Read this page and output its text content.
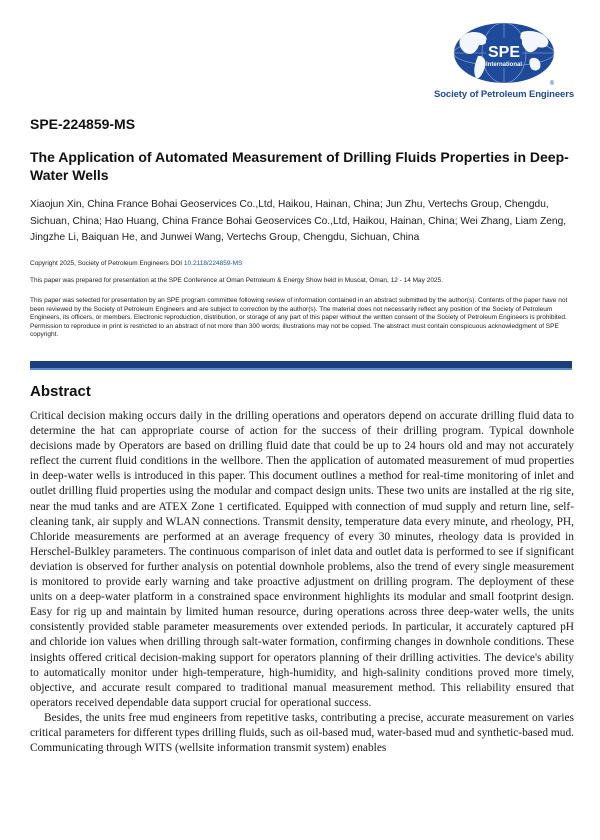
SPE
International
®
Society of Petroleum Engineers
SPE-224859-MS
The Application of Automated Measurement of Drilling Fluids Properties in Deep-Water Wells
Xiaojun Xin, China France Bohai Geoservices Co.,Ltd, Haikou, Hainan, China; Jun Zhu, Vertechs Group, Chengdu, Sichuan, China; Hao Huang, China France Bohai Geoservices Co.,Ltd, Haikou, Hainan, China; Wei Zhang, Liam Zeng, Jingzhe Li, Baiquan He, and Junwei Wang, Vertechs Group, Chengdu, Sichuan, China
Copyright 2025, Society of Petroleum Engineers DOI 10.2118/224859-MS
This paper was prepared for presentation at the SPE Conference at Oman Petroleum & Energy Show held in Muscat, Oman, 12 - 14 May 2025.
This paper was selected for presentation by an SPE program committee following review of information contained in an abstract submitted by the author(s). Contents of the paper have not been reviewed by the Society of Petroleum Engineers and are subject to correction by the author(s). The material does not necessarily reflect any position of the Society of Petroleum Engineers, its officers, or members. Electronic reproduction, distribution, or storage of any part of this paper without the written consent of the Society of Petroleum Engineers is prohibited. Permission to reproduce in print is restricted to an abstract of not more than 300 words; illustrations may not be copied. The abstract must contain conspicuous acknowledgment of SPE copyright.
Abstract

Critical decision making occurs daily in the drilling operations and operators depend on accurate drilling fluid data to determine the hat can appropriate course of action for the success of their drilling program. Typical downhole decisions made by Operators are based on drilling fluid date that could be up to 24 hours old and may not accurately reflect the current fluid conditions in the wellbore. Then the application of automated measurement of mud properties in deep-water wells is introduced in this paper. This document outlines a method for real-time monitoring of inlet and outlet drilling fluid properties using the modular and compact design units. These two units are installed at the rig site, near the mud tanks and are ATEX Zone 1 certificated. Equipped with connection of mud supply and return line, self-cleaning tank, air supply and WLAN connections. Transmit density, temperature data every minute, and rheology, PH, Chloride measurements are performed at an average frequency of every 30 minutes, rheology data is provided in Herschel-Bulkley parameters. The continuous comparison of inlet data and outlet data is performed to see if significant deviation is observed for further analysis on potential downhole problems, also the trend of every single measurement is monitored to provide early warning and take proactive adjustment on drilling program. The deployment of these units on a deep-water platform in a constrained space environment highlights its modular and small footprint design. Easy for rig up and maintain by limited human resource, during operations across three deep-water wells, the units consistently provided stable parameter measurements over extended periods. In particular, it accurately captured pH and chloride ion values when drilling through salt-water formation, confirming changes in downhole conditions. These insights offered critical decision-making support for operators planning of their drilling activities. The device's ability to automatically monitor under high-temperature, high-humidity, and high-salinity conditions proved more timely, objective, and accurate result compared to traditional manual measurement method. This reliability ensured that operators received dependable data support crucial for operational success.

Besides, the units free mud engineers from repetitive tasks, contributing a precise, accurate measurement on varies critical parameters for different types drilling fluids, such as oil-based mud, water-based mud and synthetic-based mud. Communicating through WITS (wellsite information transmit system) enables
